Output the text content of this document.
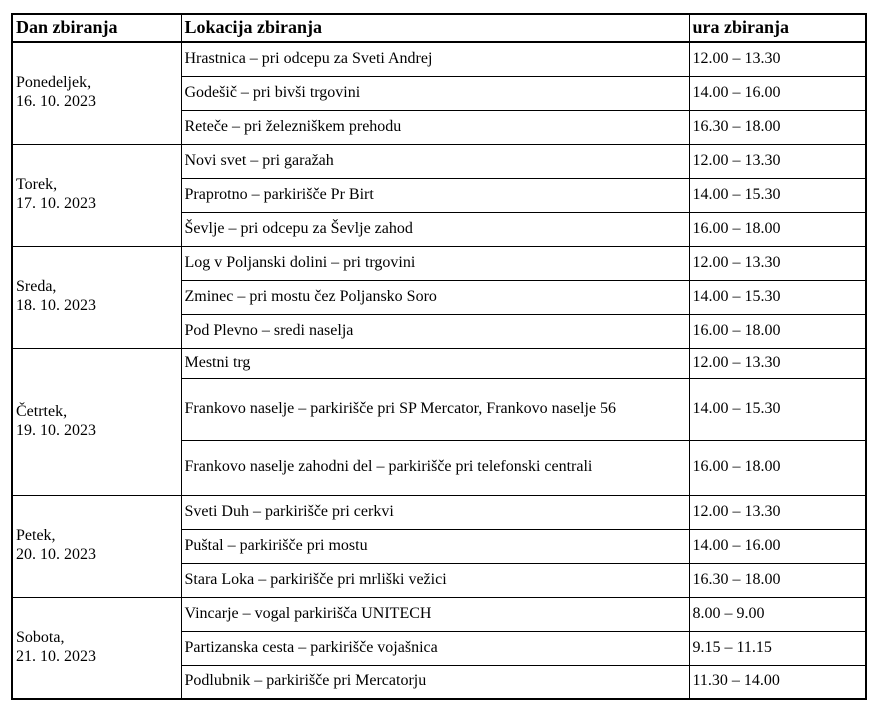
Dan zbiranja	Lokacija zbiranja	ura zbiranja

Ponedeljek,
16. 10. 2023	Hrastnica – pri odcepu za Sveti Andrej	12.00 – 13.30
	Godešič – pri bivši trgovini	14.00 – 16.00
	Reteče – pri železniškem prehodu	16.30 – 18.00

Torek,
17. 10. 2023	Novi svet – pri garažah	12.00 – 13.30
	Praprotno – parkirišče Pr Birt	14.00 – 15.30
	Ševlje – pri odcepu za Ševlje zahod	16.00 – 18.00

Sreda,
18. 10. 2023	Log v Poljanski dolini – pri trgovini	12.00 – 13.30
	Zminec – pri mostu čez Poljansko Soro	14.00 – 15.30
	Pod Plevno – sredi naselja	16.00 – 18.00

Četrtek,
19. 10. 2023	Mestni trg	12.00 – 13.30
	Frankovo naselje – parkirišče pri SP Mercator, Frankovo naselje 56	14.00 – 15.30
	Frankovo naselje zahodni del – parkirišče pri telefonski centrali	16.00 – 18.00

Petek,
20. 10. 2023	Sveti Duh – parkirišče pri cerkvi	12.00 – 13.30
	Puštal – parkirišče pri mostu	14.00 – 16.00
	Stara Loka – parkirišče pri mrliški vežici	16.30 – 18.00

Sobota,
21. 10. 2023	Vincarje – vogal parkirišča UNITECH	8.00 – 9.00
	Partizanska cesta – parkirišče vojašnica	9.15 – 11.15
	Podlubnik – parkirišče pri Mercatorju	11.30 – 14.00
